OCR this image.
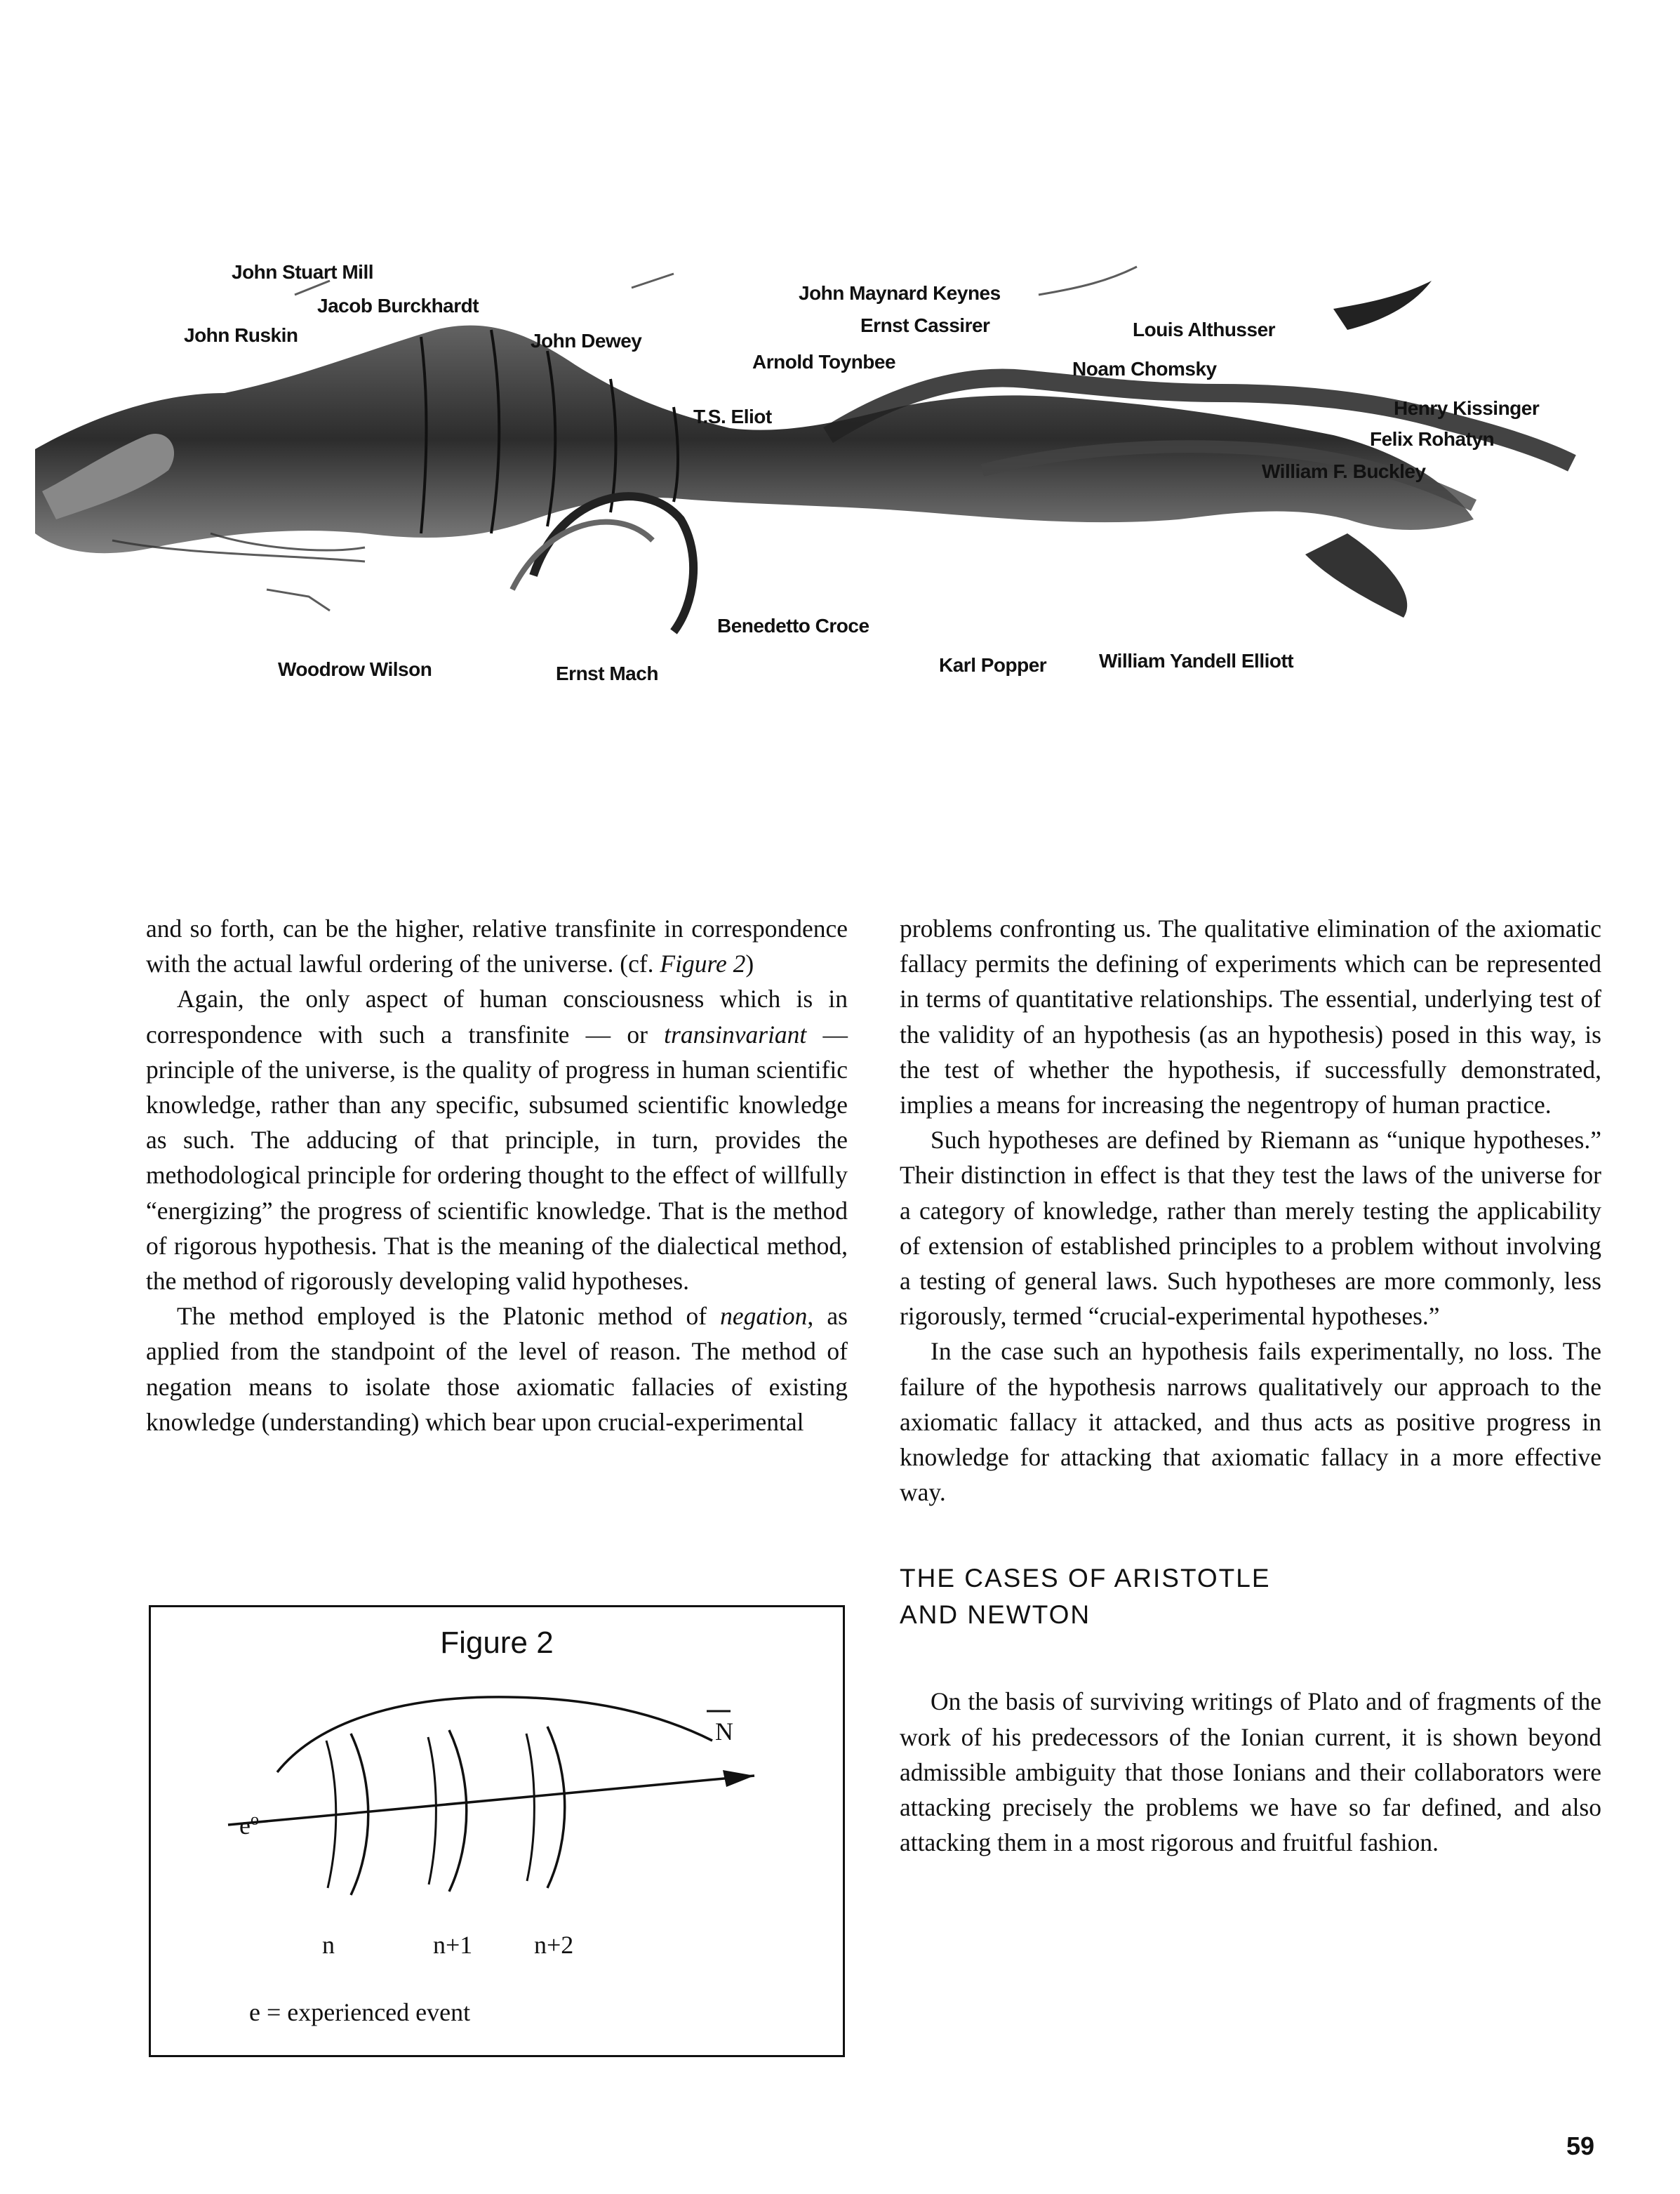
John Stuart Mill
Jacob Burckhardt
John Ruskin	John Dewey
John Maynard Keynes
Ernst Cassirer
Arnold Toynbee
Louis Althusser
Noam Chomsky
T.S. Eliot	Henry Kissinger
Felix Rohatyn
William F. Buckley
Benedetto Croce
Woodrow Wilson	Ernst Mach	Karl Popper	William Yandell Elliott

and so forth, can be the higher, relative transfinite in correspondence with the actual lawful ordering of the universe. (cf. Figure 2)

Again, the only aspect of human consciousness which is in correspondence with such a transfinite — or transinvariant — principle of the universe, is the quality of progress in human scientific knowledge, rather than any specific, subsumed scientific knowledge as such. The adducing of that principle, in turn, provides the methodological principle for ordering thought to the effect of willfully “energizing” the progress of scientific knowledge. That is the method of rigorous hypothesis. That is the meaning of the dialectical method, the method of rigorously developing valid hypotheses.

The method employed is the Platonic method of negation, as applied from the standpoint of the level of reason. The method of negation means to isolate those axiomatic fallacies of existing knowledge (understanding) which bear upon crucial-experimental

Figure 2
N
$e^o$
n	n+1 n+2
e = experienced event

problems confronting us. The qualitative elimination of the axiomatic fallacy permits the defining of experiments which can be represented in terms of quantitative relationships. The essential, underlying test of the validity of an hypothesis (as an hypothesis) posed in this way, is the test of whether the hypothesis, if successfully demonstrated, implies a means for increasing the negentropy of human practice.

Such hypotheses are defined by Riemann as “unique hypotheses.” Their distinction in effect is that they test the laws of the universe for a category of knowledge, rather than merely testing the applicability of extension of established principles to a problem without involving a testing of general laws. Such hypotheses are more commonly, less rigorously, termed “crucial-experimental hypotheses.”

In the case such an hypothesis fails experimentally, no loss. The failure of the hypothesis narrows qualitatively our approach to the axiomatic fallacy it attacked, and thus acts as positive progress in knowledge for attacking that axiomatic fallacy in a more effective way.

THE CASES OF ARISTOTLE
AND NEWTON

On the basis of surviving writings of Plato and of fragments of the work of his predecessors of the Ionian current, it is shown beyond admissible ambiguity that those Ionians and their collaborators were attacking precisely the problems we have so far defined, and also attacking them in a most rigorous and fruitful fashion.

59
